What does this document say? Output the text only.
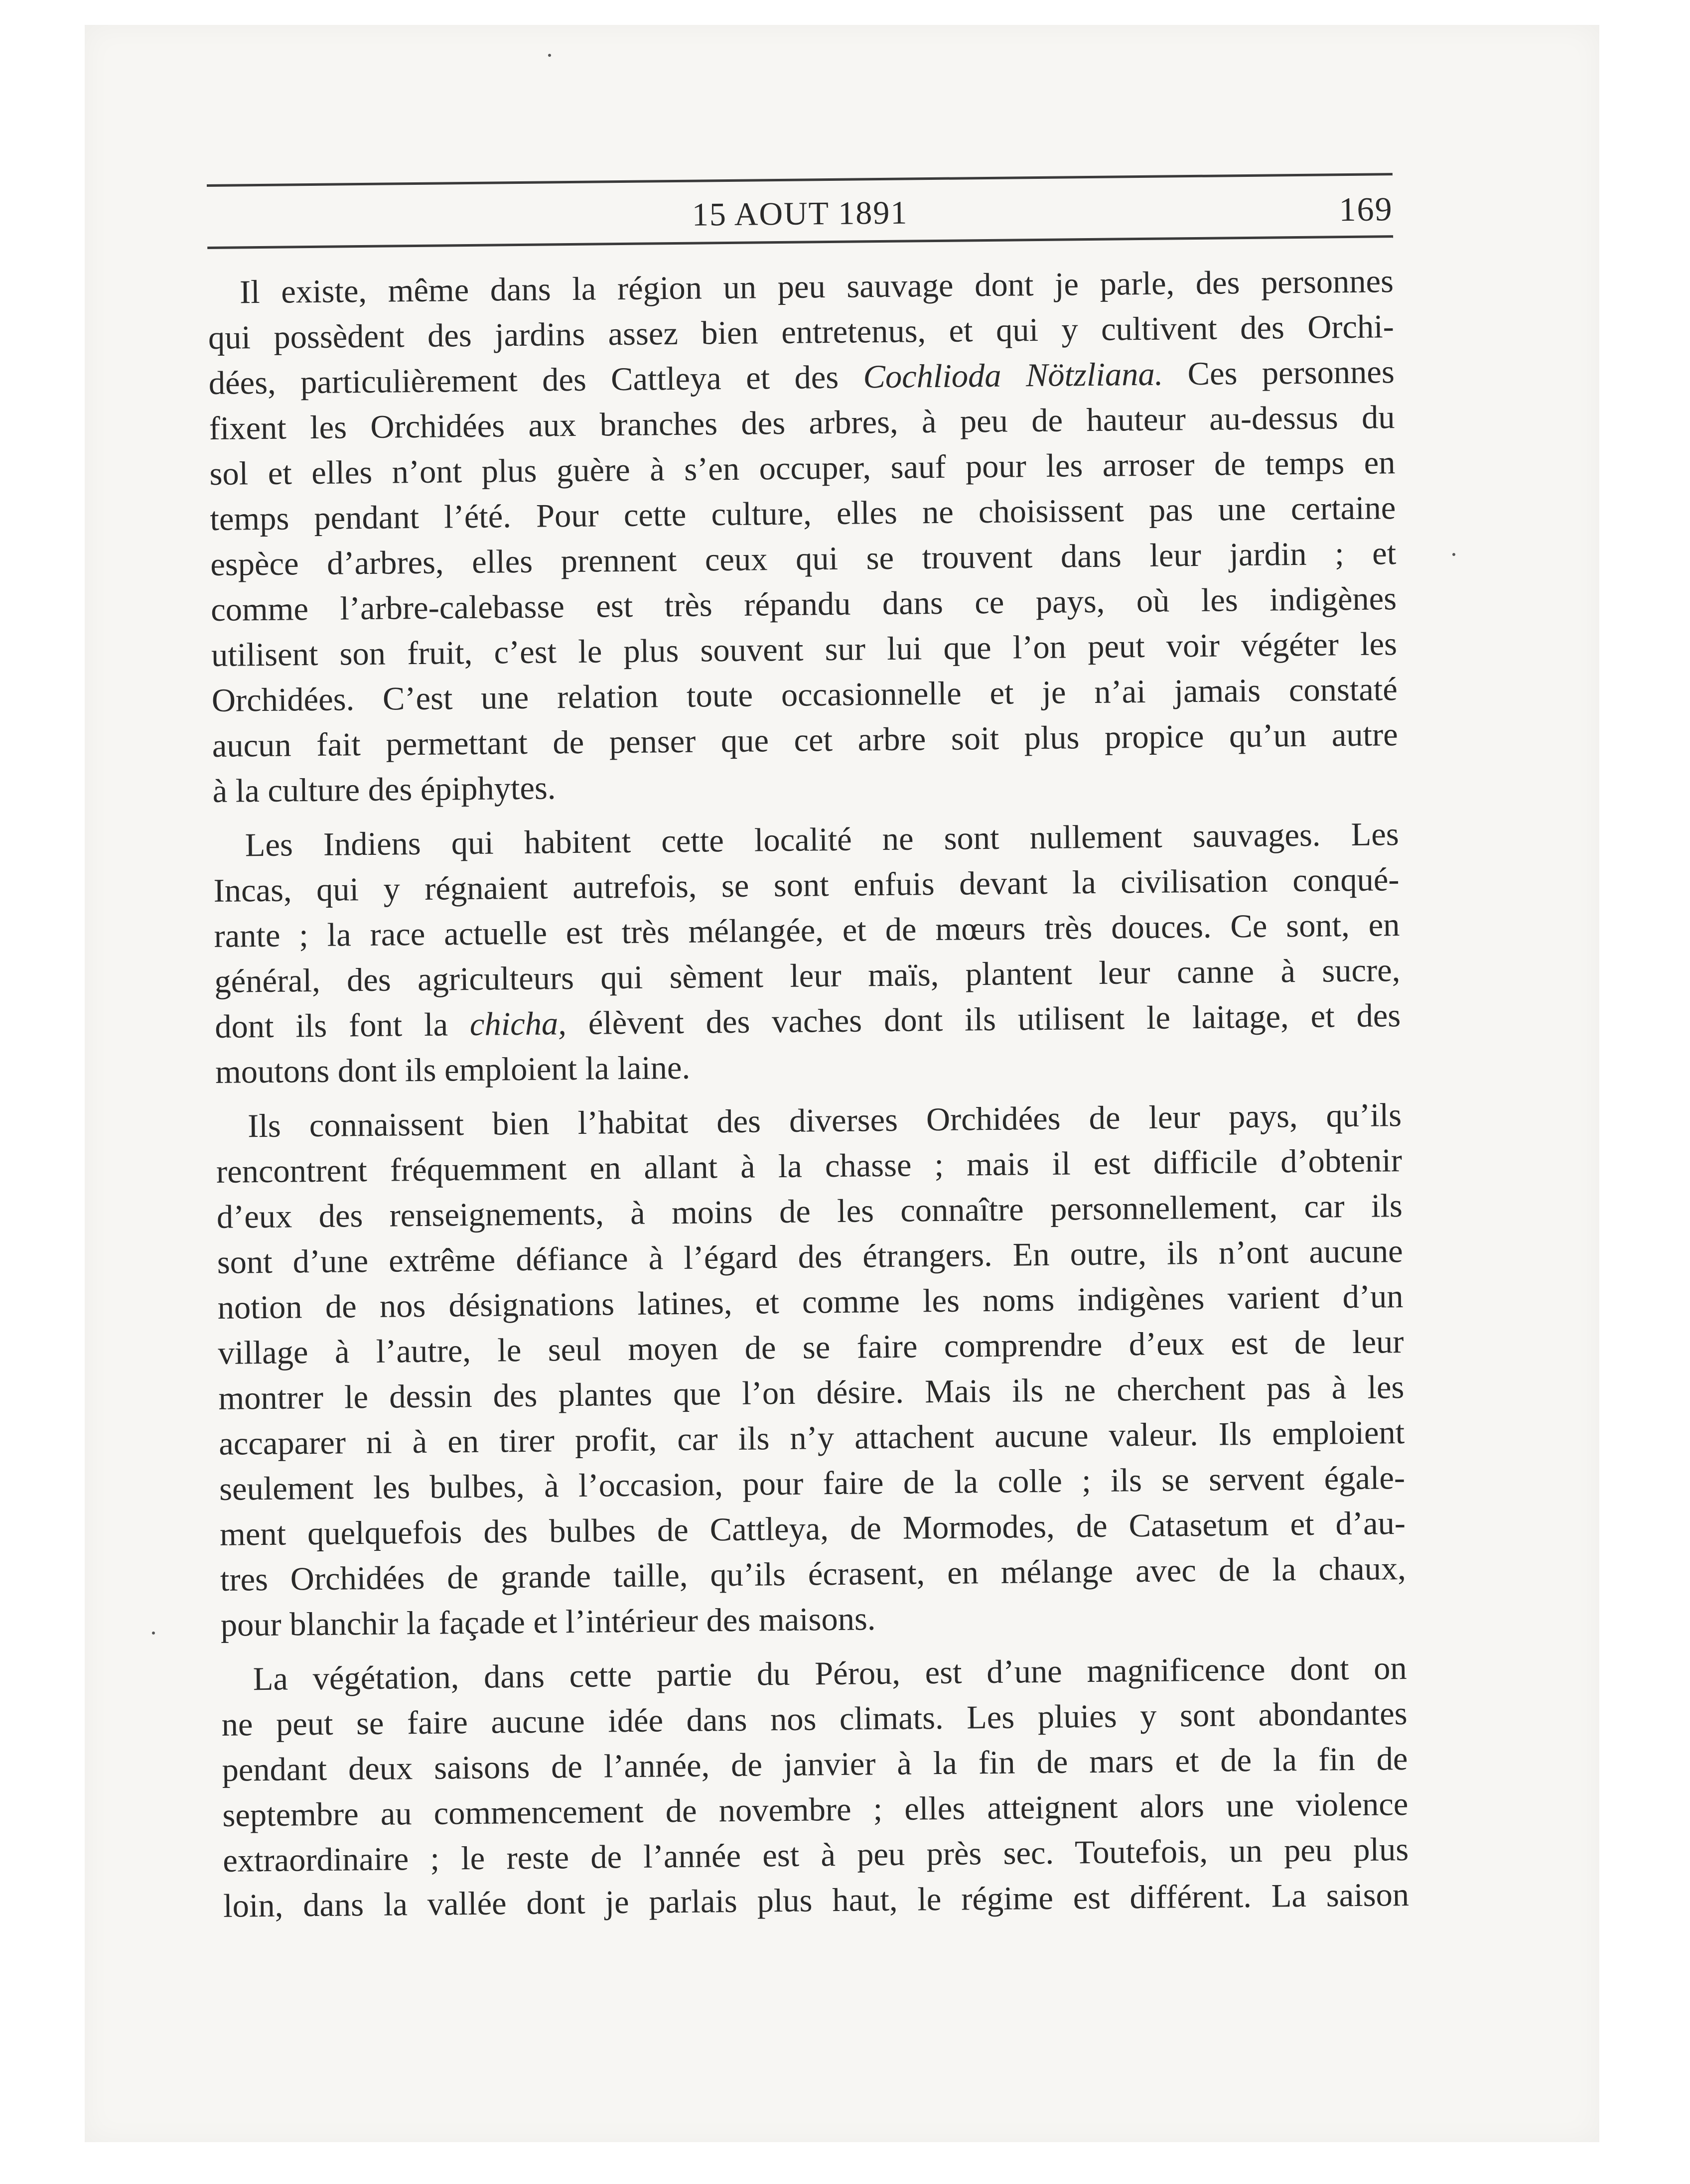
15 AOUT 1891	169
Il existe, même dans la région un peu sauvage dont je parle, des personnes
qui possèdent des jardins assez bien entretenus, et qui y cultivent des Orchi-
dées, particulièrement des Cattleya et des Cochlioda Nötzliana. Ces personnes
fixent les Orchidées aux branches des arbres, à peu de hauteur au-dessus du
sol et elles n’ont plus guère à s’en occuper, sauf pour les arroser de temps en
temps pendant l’été. Pour cette culture, elles ne choisissent pas une certaine
espèce d’arbres, elles prennent ceux qui se trouvent dans leur jardin ; et
comme l’arbre-calebasse est très répandu dans ce pays, où les indigènes
utilisent son fruit, c’est le plus souvent sur lui que l’on peut voir végéter les
Orchidées. C’est une relation toute occasionnelle et je n’ai jamais constaté
aucun fait permettant de penser que cet arbre soit plus propice qu’un autre
à la culture des épiphytes.
Les Indiens qui habitent cette localité ne sont nullement sauvages. Les
Incas, qui y régnaient autrefois, se sont enfuis devant la civilisation conqué-
rante ; la race actuelle est très mélangée, et de mœurs très douces. Ce sont, en
général, des agriculteurs qui sèment leur maïs, plantent leur canne à sucre,
dont ils font la chicha, élèvent des vaches dont ils utilisent le laitage, et des
moutons dont ils emploient la laine.
Ils connaissent bien l’habitat des diverses Orchidées de leur pays, qu’ils
rencontrent fréquemment en allant à la chasse ; mais il est difficile d’obtenir
d’eux des renseignements, à moins de les connaître personnellement, car ils
sont d’une extrême défiance à l’égard des étrangers. En outre, ils n’ont aucune
notion de nos désignations latines, et comme les noms indigènes varient d’un
village à l’autre, le seul moyen de se faire comprendre d’eux est de leur
montrer le dessin des plantes que l’on désire. Mais ils ne cherchent pas à les
accaparer ni à en tirer profit, car ils n’y attachent aucune valeur. Ils emploient
seulement les bulbes, à l’occasion, pour faire de la colle ; ils se servent égale-
ment quelquefois des bulbes de Cattleya, de Mormodes, de Catasetum et d’au-
tres Orchidées de grande taille, qu’ils écrasent, en mélange avec de la chaux,
pour blanchir la façade et l’intérieur des maisons.
La végétation, dans cette partie du Pérou, est d’une magnificence dont on
ne peut se faire aucune idée dans nos climats. Les pluies y sont abondantes
pendant deux saisons de l’année, de janvier à la fin de mars et de la fin de
septembre au commencement de novembre ; elles atteignent alors une violence
extraordinaire ; le reste de l’année est à peu près sec. Toutefois, un peu plus
loin, dans la vallée dont je parlais plus haut, le régime est différent. La saison
